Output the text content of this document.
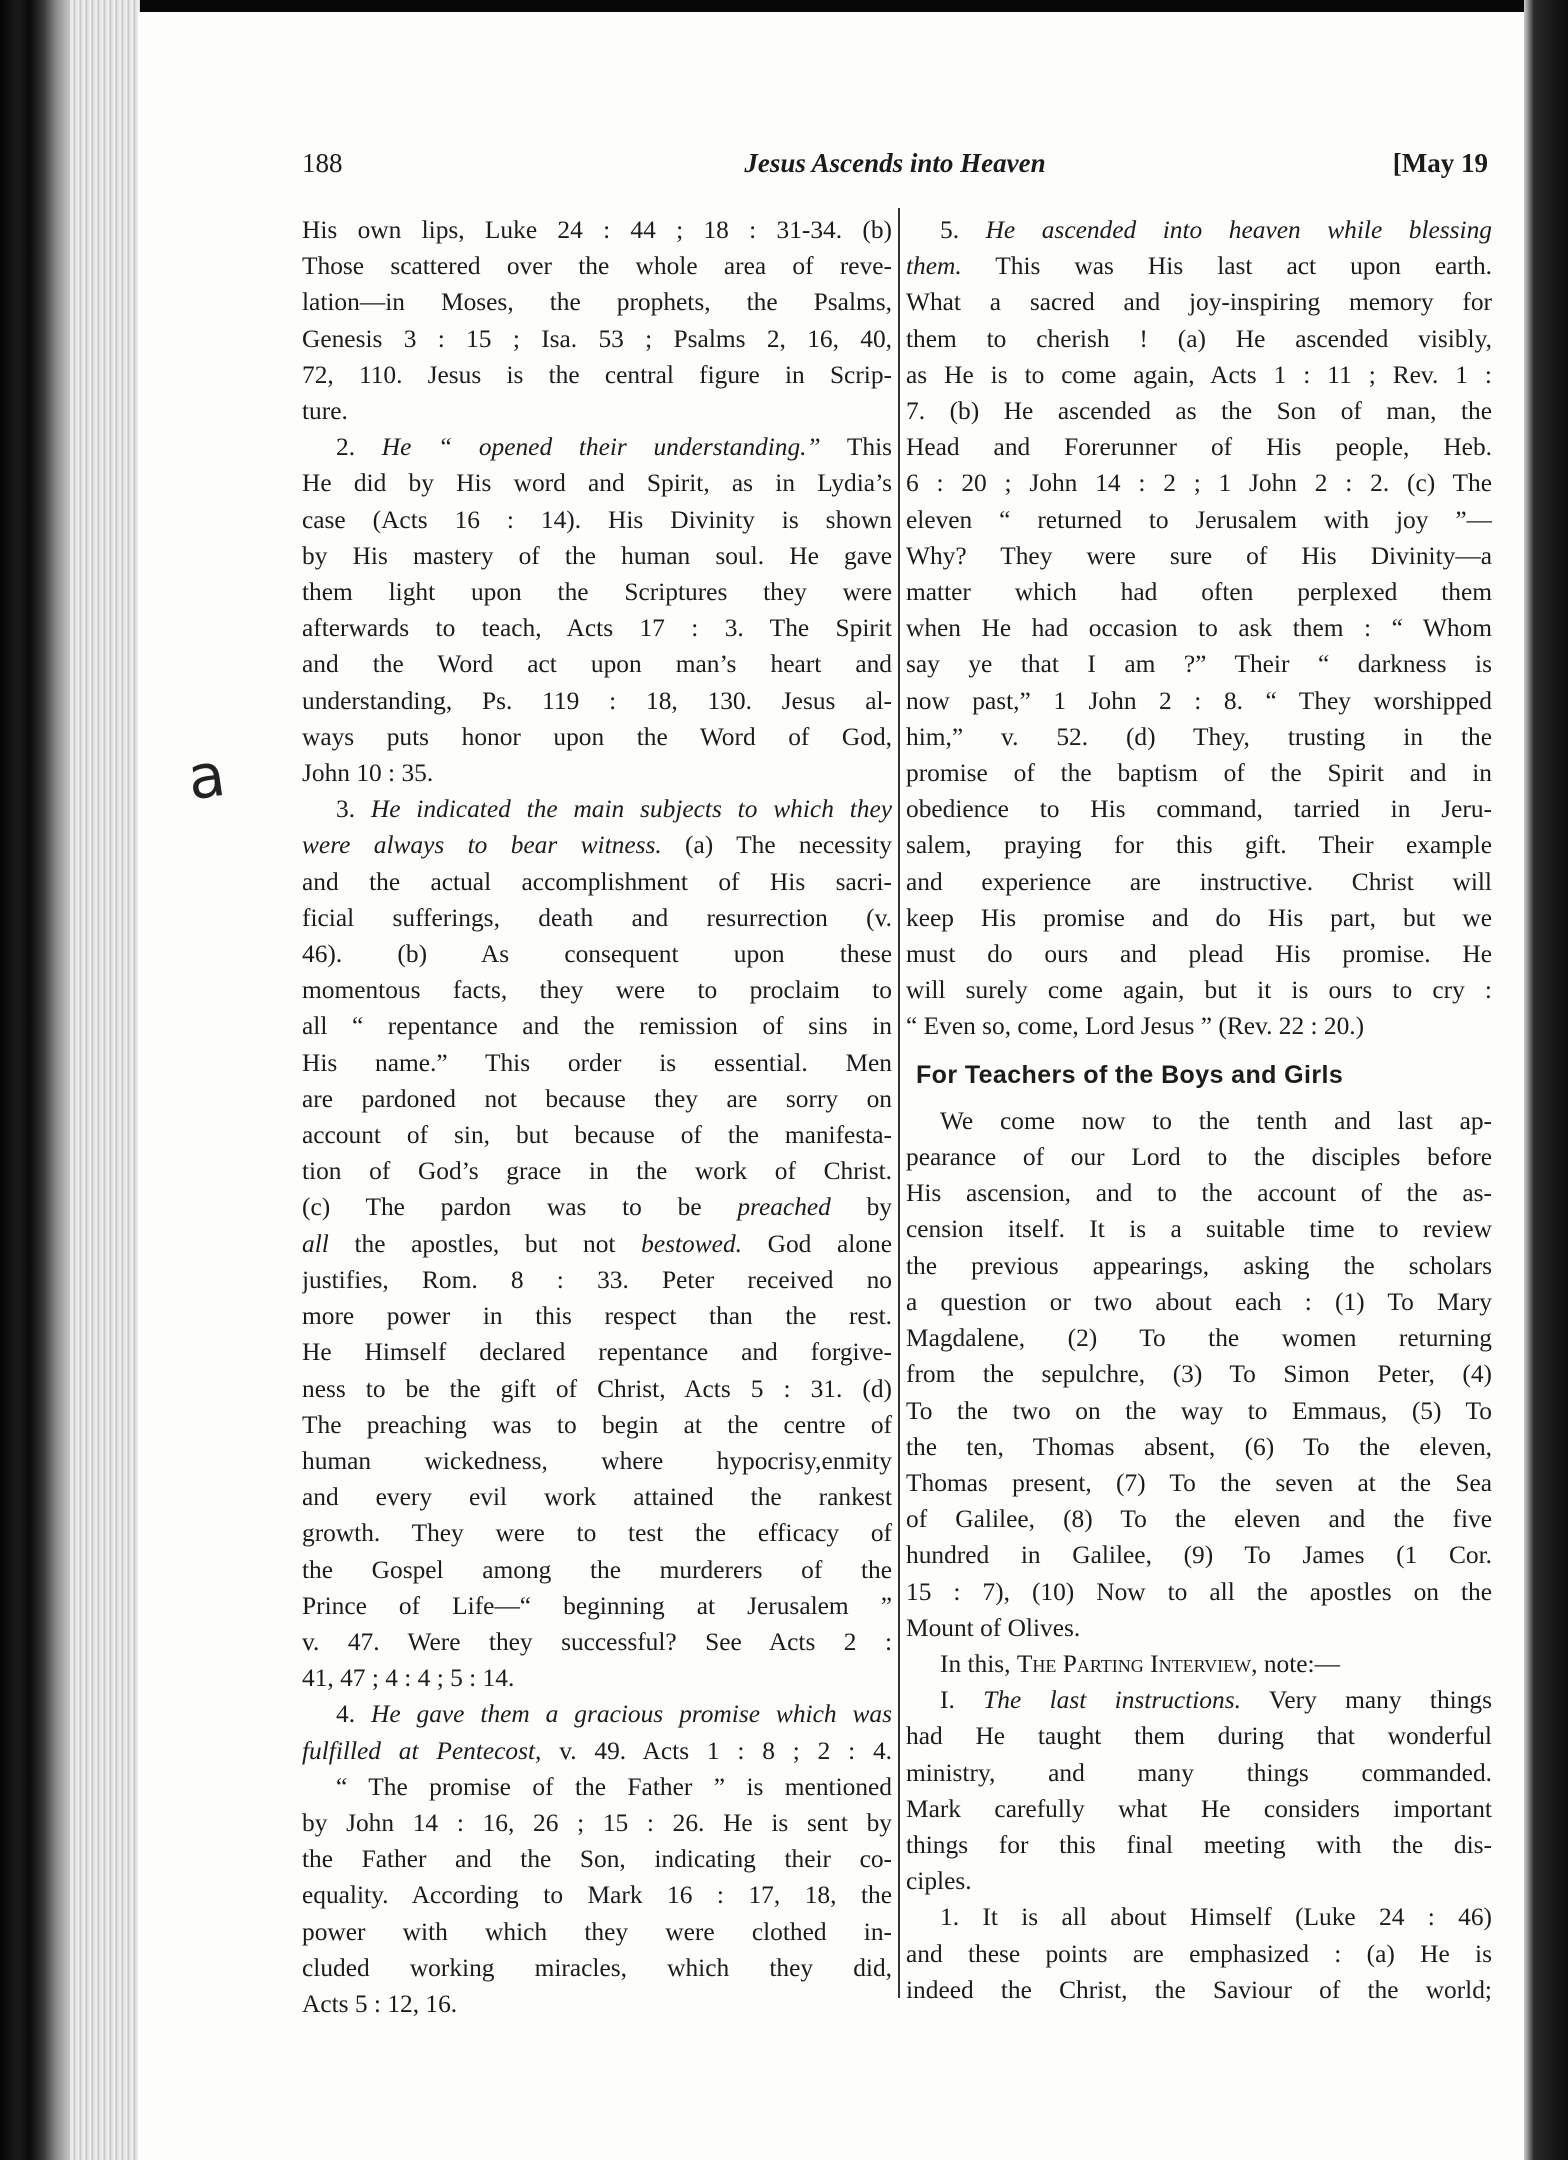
a
188	Jesus Ascends into Heaven	[May 19

His own lips, Luke 24 : 44 ; 18 : 31-34. (b)
Those scattered over the whole area of reve-
lation—in Moses, the prophets, the Psalms,
Genesis 3 : 15 ; Isa. 53 ; Psalms 2, 16, 40,
72, 110. Jesus is the central figure in Scrip-
ture.

2. He “ opened their understanding.” This
He did by His word and Spirit, as in Lydia’s
case (Acts 16 : 14). His Divinity is shown
by His mastery of the human soul. He gave
them light upon the Scriptures they were
afterwards to teach, Acts 17 : 3. The Spirit
and the Word act upon man’s heart and
understanding, Ps. 119 : 18, 130. Jesus al-
ways puts honor upon the Word of God,
John 10 : 35.

3. He indicated the main subjects to which they
were always to bear witness. (a) The necessity
and the actual accomplishment of His sacri-
ficial sufferings, death and resurrection (v.
46). (b) As consequent upon these
momentous facts, they were to proclaim to
all “ repentance and the remission of sins in
His name.” This order is essential. Men
are pardoned not because they are sorry on
account of sin, but because of the manifesta-
tion of God’s grace in the work of Christ.
(c) The pardon was to be preached by
all the apostles, but not bestowed. God alone
justifies, Rom. 8 : 33. Peter received no
more power in this respect than the rest.
He Himself declared repentance and forgive-
ness to be the gift of Christ, Acts 5 : 31. (d)
The preaching was to begin at the centre of
human wickedness, where hypocrisy,enmity
and every evil work attained the rankest
growth. They were to test the efficacy of
the Gospel among the murderers of the
Prince of Life—“ beginning at Jerusalem ”
v. 47. Were they successful? See Acts 2 :
41, 47 ; 4 : 4 ; 5 : 14.

4. He gave them a gracious promise which was
fulfilled at Pentecost, v. 49. Acts 1 : 8 ; 2 : 4.
“ The promise of the Father ” is mentioned
by John 14 : 16, 26 ; 15 : 26. He is sent by
the Father and the Son, indicating their co-
equality. According to Mark 16 : 17, 18, the
power with which they were clothed in-
cluded working miracles, which they did,
Acts 5 : 12, 16.

5. He ascended into heaven while blessing
them. This was His last act upon earth.
What a sacred and joy-inspiring memory for
them to cherish ! (a) He ascended visibly,
as He is to come again, Acts 1 : 11 ; Rev. 1 :
7. (b) He ascended as the Son of man, the
Head and Forerunner of His people, Heb.
6 : 20 ; John 14 : 2 ; 1 John 2 : 2. (c) The
eleven “ returned to Jerusalem with joy ”—
Why? They were sure of His Divinity—a
matter which had often perplexed them
when He had occasion to ask them : “ Whom
say ye that I am ?” Their “ darkness is
now past,” 1 John 2 : 8. “ They worshipped
him,” v. 52. (d) They, trusting in the
promise of the baptism of the Spirit and in
obedience to His command, tarried in Jeru-
salem, praying for this gift. Their example
and experience are instructive. Christ will
keep His promise and do His part, but we
must do ours and plead His promise. He
will surely come again, but it is ours to cry :
“ Even so, come, Lord Jesus ” (Rev. 22 : 20.)

For Teachers of the Boys and Girls

We come now to the tenth and last ap-
pearance of our Lord to the disciples before
His ascension, and to the account of the as-
cension itself. It is a suitable time to review
the previous appearings, asking the scholars
a question or two about each : (1) To Mary
Magdalene, (2) To the women returning
from the sepulchre, (3) To Simon Peter, (4)
To the two on the way to Emmaus, (5) To
the ten, Thomas absent, (6) To the eleven,
Thomas present, (7) To the seven at the Sea
of Galilee, (8) To the eleven and the five
hundred in Galilee, (9) To James (1 Cor.
15 : 7), (10) Now to all the apostles on the
Mount of Olives.

In this, The Parting Interview, note:—

I. The last instructions. Very many things
had He taught them during that wonderful
ministry, and many things commanded.
Mark carefully what He considers important
things for this final meeting with the dis-
ciples.

1. It is all about Himself (Luke 24 : 46)
and these points are emphasized : (a) He is
indeed the Christ, the Saviour of the world;
